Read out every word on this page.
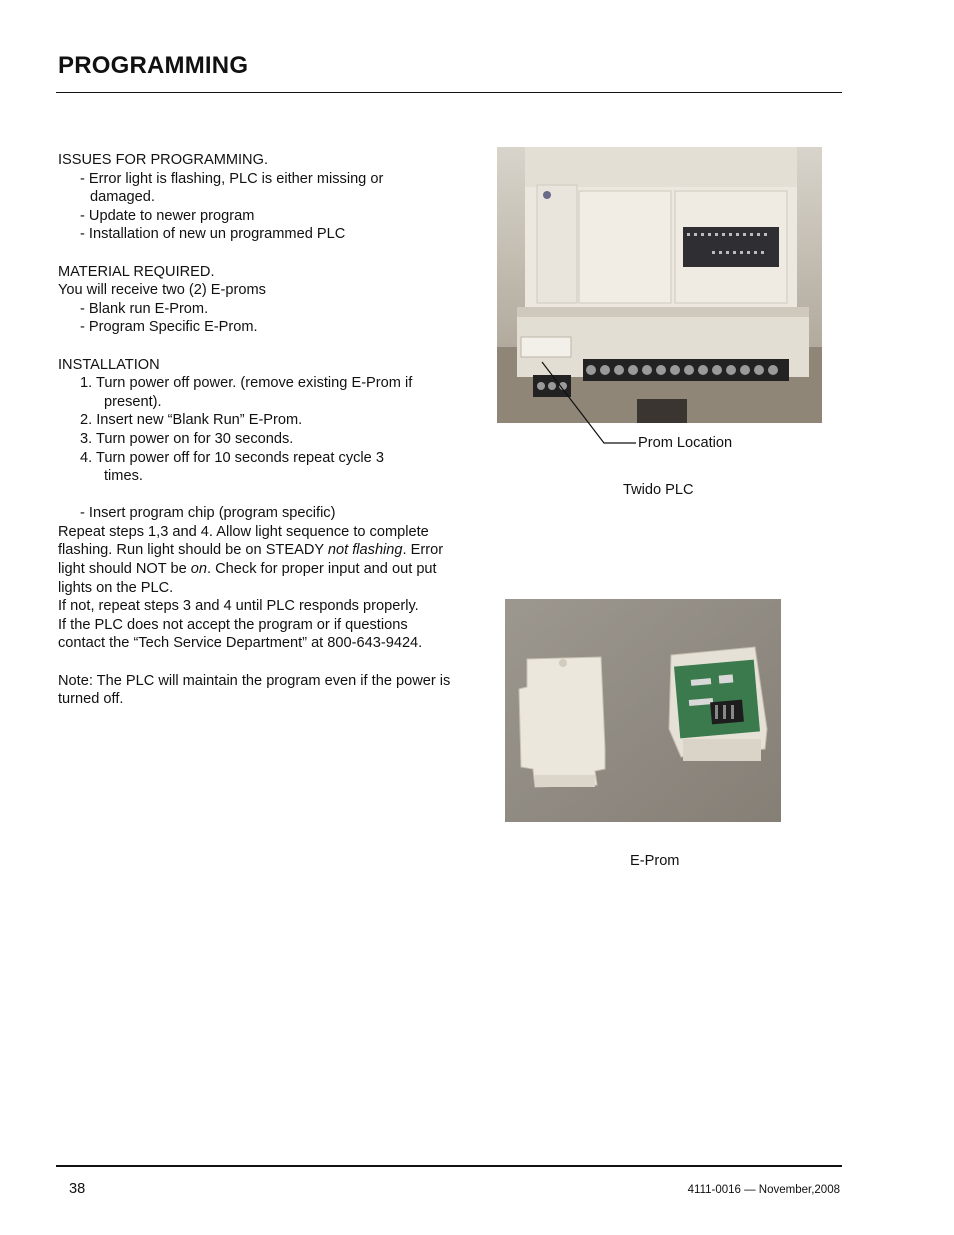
PROGRAMMING

ISSUES FOR PROGRAMMING.

- Error light is flashing, PLC is either missing or

damaged.

- Update to newer program

- Installation of new un programmed PLC

MATERIAL REQUIRED.

You will receive two (2) E-proms

- Blank run E-Prom.

- Program Specific E-Prom.

INSTALLATION

1. Turn power off power. (remove existing E-Prom if

present).

2. Insert new “Blank Run” E-Prom.

3. Turn power on for 30 seconds.

4. Turn power off for 10 seconds repeat cycle 3

times.

- Insert program chip (program specific)

Repeat steps 1,3 and 4. Allow light sequence to complete flashing. Run light should be on STEADY not flashing. Error light should NOT be on. Check for proper input and out put lights on the PLC.

If not, repeat steps 3 and 4 until PLC responds properly.

If the PLC does not accept the program or if questions contact the “Tech Service Department” at 800-643-9424.

Note: The PLC will maintain the program even if the power is turned off.

Prom Location
Twido PLC
E-Prom
38	4111-0016 — November,2008
